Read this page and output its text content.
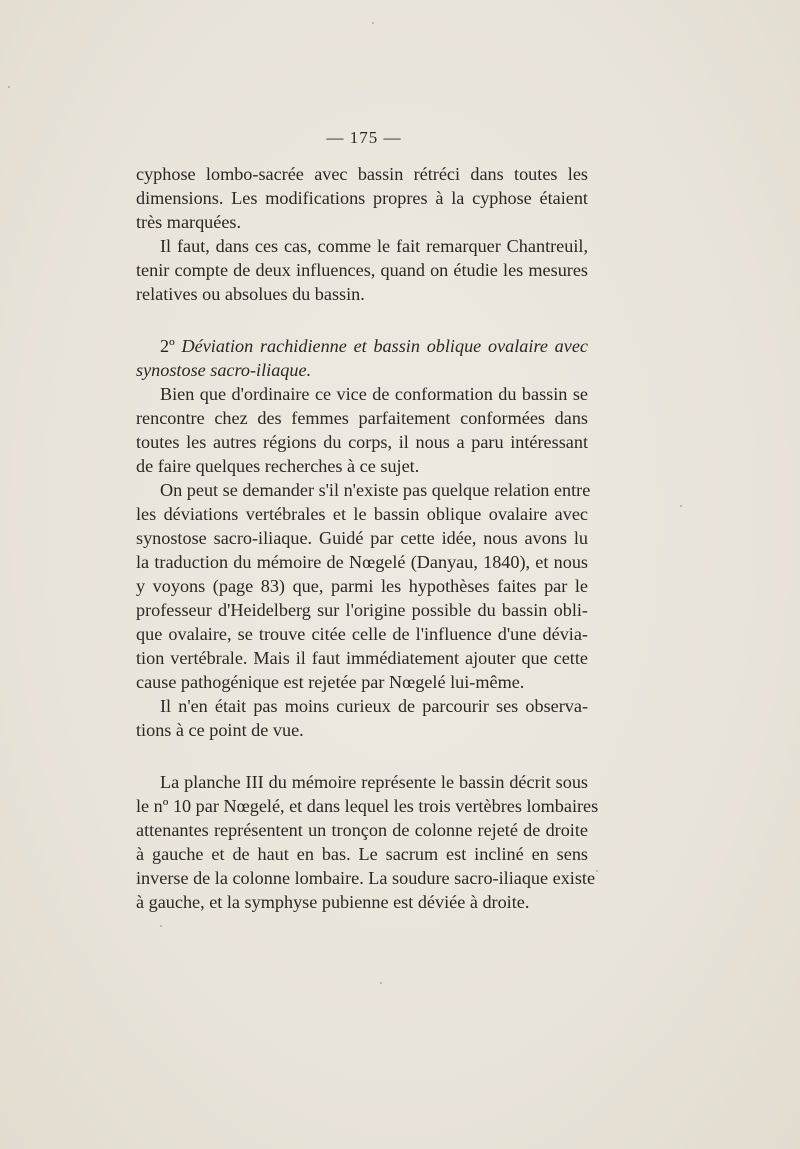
— 175 —
cyphose lombo-sacrée avec bassin rétréci dans toutes les
dimensions. Les modifications propres à la cyphose étaient
très marquées.
Il faut, dans ces cas, comme le fait remarquer Chantreuil,
tenir compte de deux influences, quand on étudie les mesures
relatives ou absolues du bassin.
2º Déviation rachidienne et bassin oblique ovalaire avec
synostose sacro-iliaque.
Bien que d'ordinaire ce vice de conformation du bassin se
rencontre chez des femmes parfaitement conformées dans
toutes les autres régions du corps, il nous a paru intéressant
de faire quelques recherches à ce sujet.
On peut se demander s'il n'existe pas quelque relation entre
les déviations vertébrales et le bassin oblique ovalaire avec
synostose sacro-iliaque. Guidé par cette idée, nous avons lu
la traduction du mémoire de Nœgelé (Danyau, 1840), et nous
y voyons (page 83) que, parmi les hypothèses faites par le
professeur d'Heidelberg sur l'origine possible du bassin obli-
que ovalaire, se trouve citée celle de l'influence d'une dévia-
tion vertébrale. Mais il faut immédiatement ajouter que cette
cause pathogénique est rejetée par Nœgelé lui-même.
Il n'en était pas moins curieux de parcourir ses observa-
tions à ce point de vue.
La planche III du mémoire représente le bassin décrit sous
le nº 10 par Nœgelé, et dans lequel les trois vertèbres lombaires
attenantes représentent un tronçon de colonne rejeté de droite
à gauche et de haut en bas. Le sacrum est incliné en sens
inverse de la colonne lombaire. La soudure sacro-iliaque existe
à gauche, et la symphyse pubienne est déviée à droite.
